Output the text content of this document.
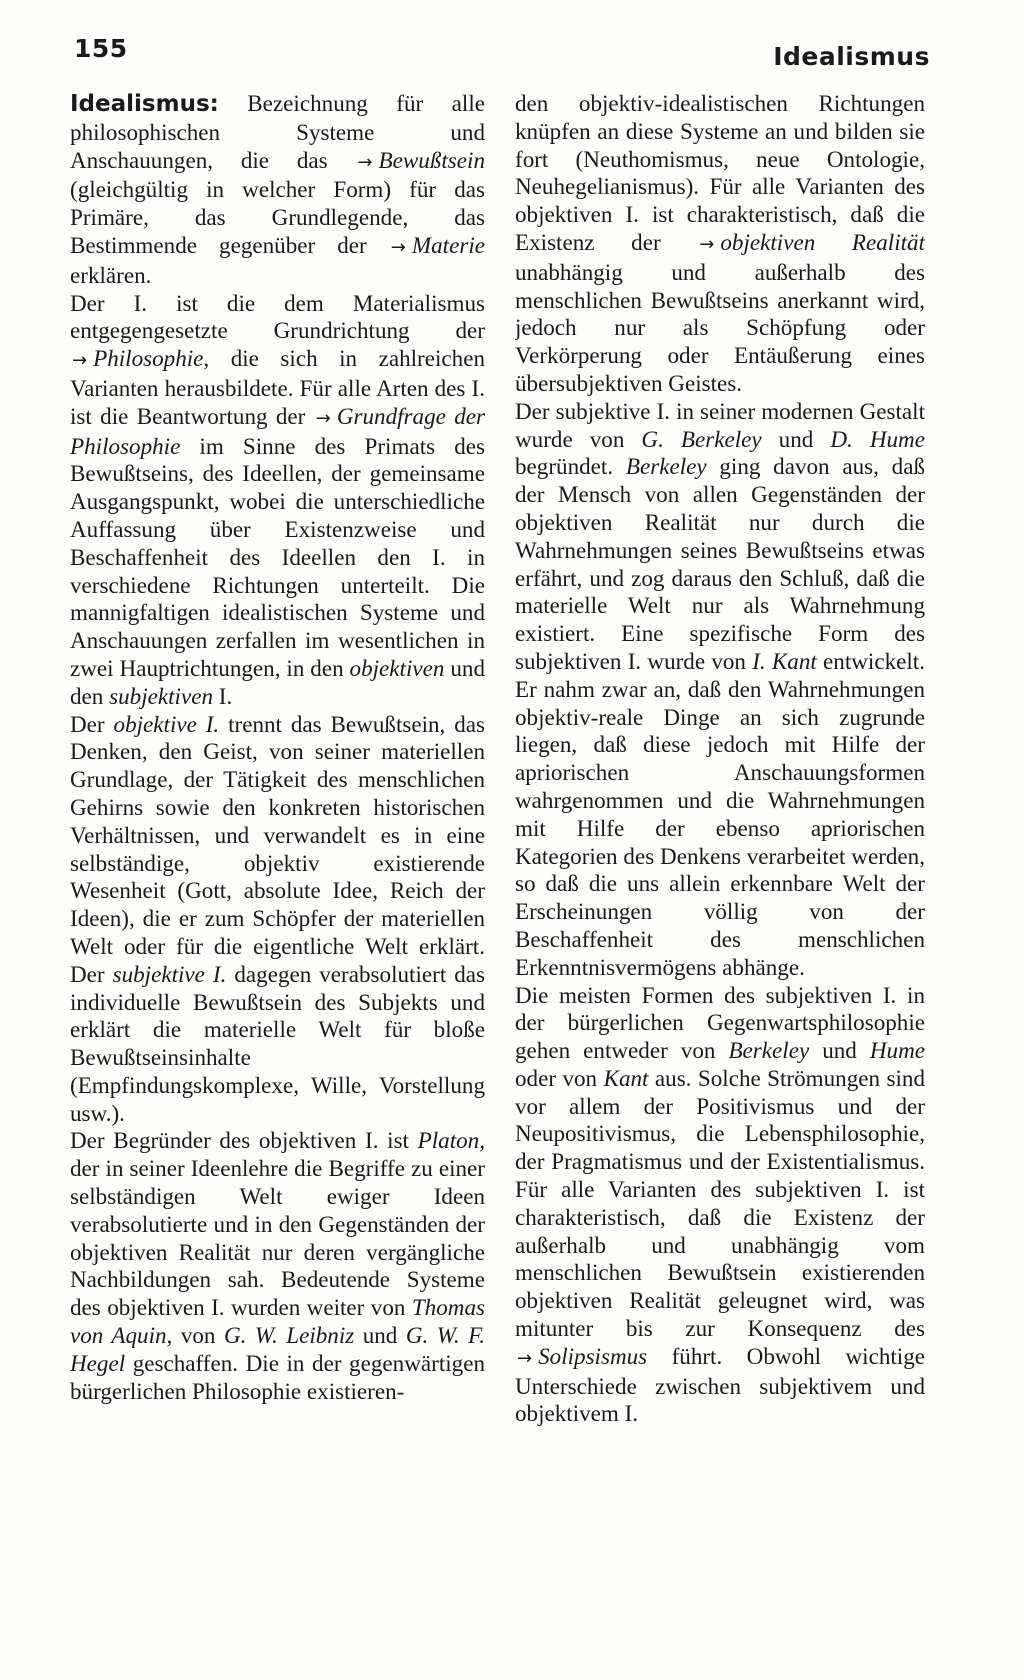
155	Idealismus

Idealismus: Bezeichnung für alle philosophischen Systeme und Anschauungen, die das → Bewußtsein (gleichgültig in welcher Form) für das Primäre, das Grundlegende, das Bestimmende gegenüber der → Materie erklären.

Der I. ist die dem Materialismus entgegengesetzte Grundrichtung der → Philosophie, die sich in zahlreichen Varianten herausbildete. Für alle Arten des I. ist die Beantwortung der → Grundfrage der Philosophie im Sinne des Primats des Bewußtseins, des Ideellen, der gemeinsame Ausgangspunkt, wobei die unterschiedliche Auffassung über Existenzweise und Beschaffenheit des Ideellen den I. in verschiedene Richtungen unterteilt. Die mannigfaltigen idealistischen Systeme und Anschauungen zerfallen im wesentlichen in zwei Hauptrichtungen, in den objektiven und den subjektiven I.

Der objektive I. trennt das Bewußtsein, das Denken, den Geist, von seiner materiellen Grundlage, der Tätigkeit des menschlichen Gehirns sowie den konkreten historischen Verhältnissen, und verwandelt es in eine selbständige, objektiv existierende Wesenheit (Gott, absolute Idee, Reich der Ideen), die er zum Schöpfer der materiellen Welt oder für die eigentliche Welt erklärt. Der subjektive I. dagegen verabsolutiert das individuelle Bewußtsein des Subjekts und erklärt die materielle Welt für bloße Bewußtseinsinhalte (Empfindungskomplexe, Wille, Vorstellung usw.).

Der Begründer des objektiven I. ist Platon, der in seiner Ideenlehre die Begriffe zu einer selbständigen Welt ewiger Ideen verabsolutierte und in den Gegenständen der objektiven Realität nur deren vergängliche Nachbildungen sah. Bedeutende Systeme des objektiven I. wurden weiter von Thomas von Aquin, von G. W. Leibniz und G. W. F. Hegel geschaffen. Die in der gegenwärtigen bürgerlichen Philosophie existieren-

den objektiv-idealistischen Richtungen knüpfen an diese Systeme an und bilden sie fort (Neuthomismus, neue Ontologie, Neuhegelianismus). Für alle Varianten des objektiven I. ist charakteristisch, daß die Existenz der → objektiven Realität unabhängig und außerhalb des menschlichen Bewußtseins anerkannt wird, jedoch nur als Schöpfung oder Verkörperung oder Entäußerung eines übersubjektiven Geistes.

Der subjektive I. in seiner modernen Gestalt wurde von G. Berkeley und D. Hume begründet. Berkeley ging davon aus, daß der Mensch von allen Gegenständen der objektiven Realität nur durch die Wahrnehmungen seines Bewußtseins etwas erfährt, und zog daraus den Schluß, daß die materielle Welt nur als Wahrnehmung existiert. Eine spezifische Form des subjektiven I. wurde von I. Kant entwickelt. Er nahm zwar an, daß den Wahrnehmungen objektiv-reale Dinge an sich zugrunde liegen, daß diese jedoch mit Hilfe der apriorischen Anschauungsformen wahrgenommen und die Wahrnehmungen mit Hilfe der ebenso apriorischen Kategorien des Denkens verarbeitet werden, so daß die uns allein erkennbare Welt der Erscheinungen völlig von der Beschaffenheit des menschlichen Erkenntnisvermögens abhänge.

Die meisten Formen des subjektiven I. in der bürgerlichen Gegenwartsphilosophie gehen entweder von Berkeley und Hume oder von Kant aus. Solche Strömungen sind vor allem der Positivismus und der Neupositivismus, die Lebensphilosophie, der Pragmatismus und der Existentialismus. Für alle Varianten des subjektiven I. ist charakteristisch, daß die Existenz der außerhalb und unabhängig vom menschlichen Bewußtsein existierenden objektiven Realität geleugnet wird, was mitunter bis zur Konsequenz des → Solipsismus führt. Obwohl wichtige Unterschiede zwischen subjektivem und objektivem I.
